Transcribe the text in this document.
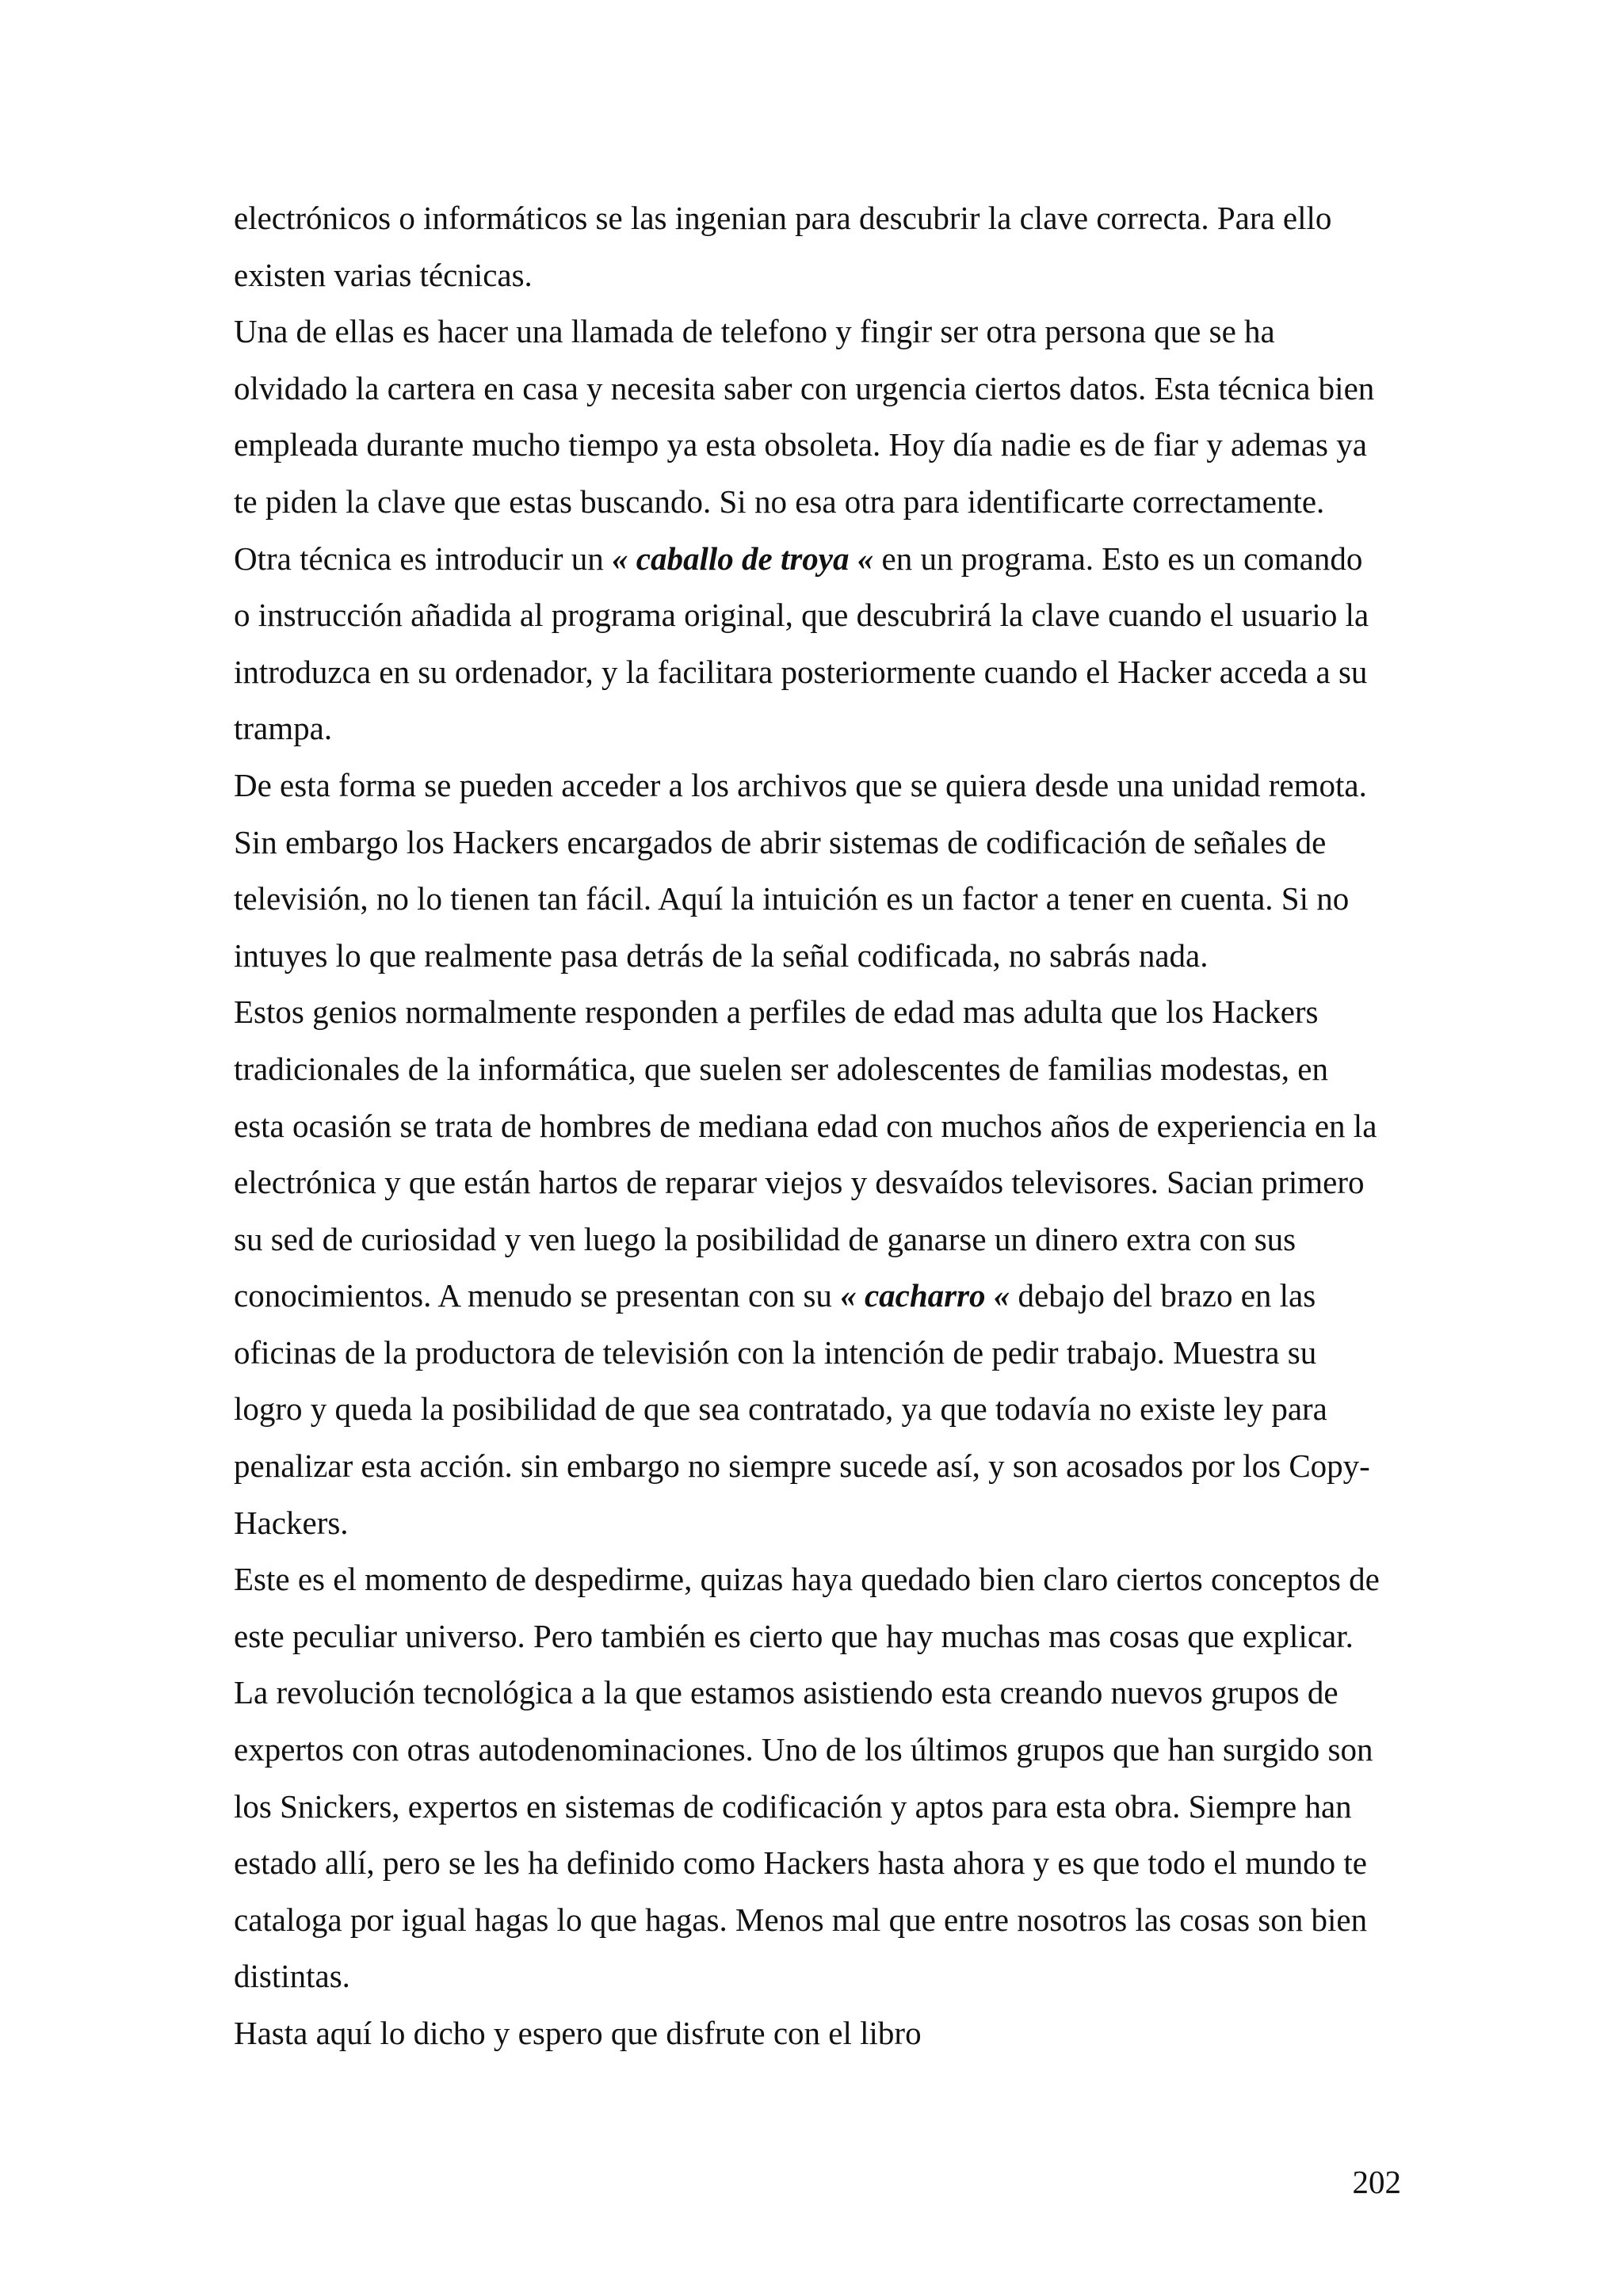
electrónicos o informáticos se las ingenian para descubrir la clave correcta. Para ello
existen varias técnicas.
Una de ellas es hacer una llamada de telefono y fingir ser otra persona que se ha
olvidado la cartera en casa y necesita saber con urgencia ciertos datos. Esta técnica bien
empleada durante mucho tiempo ya esta obsoleta. Hoy día nadie es de fiar y ademas ya
te piden la clave que estas buscando. Si no esa otra para identificarte correctamente.
Otra técnica es introducir un « caballo de troya « en un programa. Esto es un comando
o instrucción añadida al programa original, que descubrirá la clave cuando el usuario la
introduzca en su ordenador, y la facilitara posteriormente cuando el Hacker acceda a su
trampa.
De esta forma se pueden acceder a los archivos que se quiera desde una unidad remota.
Sin embargo los Hackers encargados de abrir sistemas de codificación de señales de
televisión, no lo tienen tan fácil. Aquí la intuición es un factor a tener en cuenta. Si no
intuyes lo que realmente pasa detrás de la señal codificada, no sabrás nada.
Estos genios normalmente responden a perfiles de edad mas adulta que los Hackers
tradicionales de la informática, que suelen ser adolescentes de familias modestas, en
esta ocasión se trata de hombres de mediana edad con muchos años de experiencia en la
electrónica y que están hartos de reparar viejos y desvaídos televisores. Sacian primero
su sed de curiosidad y ven luego la posibilidad de ganarse un dinero extra con sus
conocimientos. A menudo se presentan con su « cacharro « debajo del brazo en las
oficinas de la productora de televisión con la intención de pedir trabajo. Muestra su
logro y queda la posibilidad de que sea contratado, ya que todavía no existe ley para
penalizar esta acción. sin embargo no siempre sucede así, y son acosados por los Copy-
Hackers.
Este es el momento de despedirme, quizas haya quedado bien claro ciertos conceptos de
este peculiar universo. Pero también es cierto que hay muchas mas cosas que explicar.
La revolución tecnológica a la que estamos asistiendo esta creando nuevos grupos de
expertos con otras autodenominaciones. Uno de los últimos grupos que han surgido son
los Snickers, expertos en sistemas de codificación y aptos para esta obra. Siempre han
estado allí, pero se les ha definido como Hackers hasta ahora y es que todo el mundo te
cataloga por igual hagas lo que hagas. Menos mal que entre nosotros las cosas son bien
distintas.
Hasta aquí lo dicho y espero que disfrute con el libro
202
